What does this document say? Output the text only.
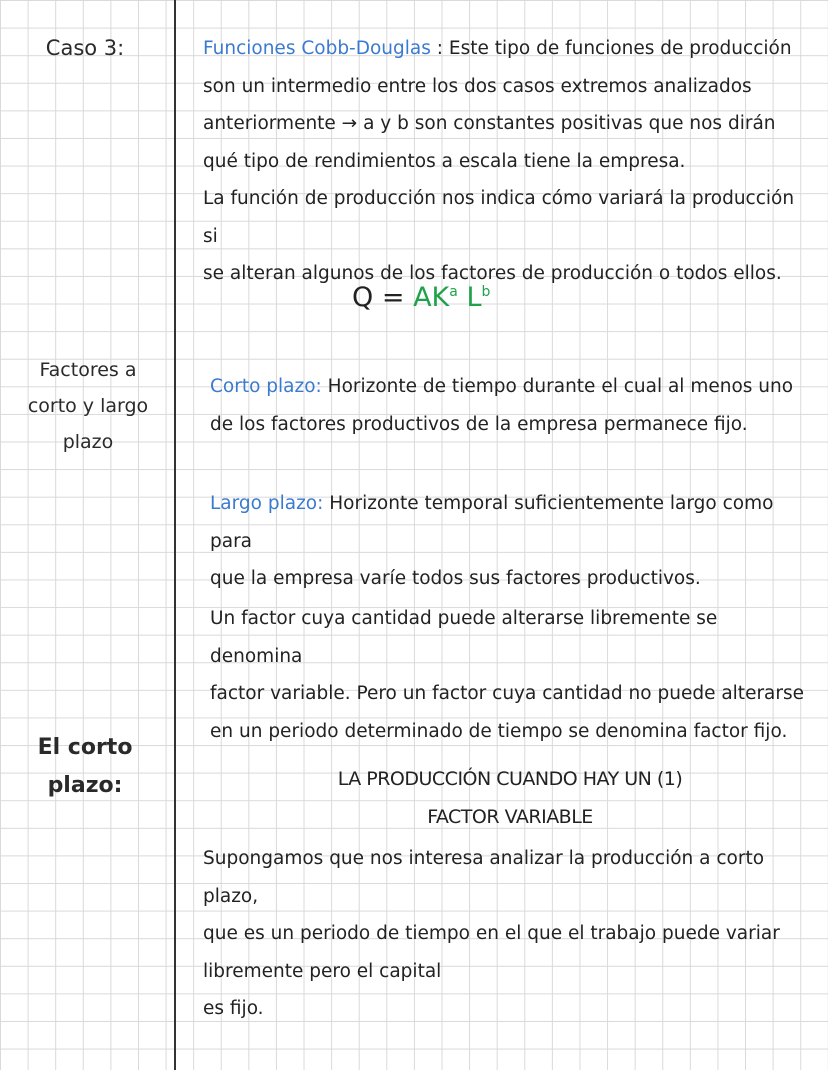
Caso 3:
Factores a
corto y largo
plazo
El corto
plazo:
Funciones Cobb-Douglas : Este tipo de funciones de producción
son un intermedio entre los dos casos extremos analizados
anteriormente → a y b son constantes positivas que nos dirán
qué tipo de rendimientos a escala tiene la empresa.
La función de producción nos indica cómo variará la producción si
se alteran algunos de los factores de producción o todos ellos.
$Q = AK^a$ $L^b$
Corto plazo: Horizonte de tiempo durante el cual al menos uno
de los factores productivos de la empresa permanece fijo.
Largo plazo: Horizonte temporal suficientemente largo como para
que la empresa varíe todos sus factores productivos.
Un factor cuya cantidad puede alterarse libremente se denomina
factor variable. Pero un factor cuya cantidad no puede alterarse
en un periodo determinado de tiempo se denomina factor fijo.
LA PRODUCCIÓN CUANDO HAY UN (1)
FACTOR VARIABLE
Supongamos que nos interesa analizar la producción a corto plazo,
que es un periodo de tiempo en el que el trabajo puede variar
libremente pero el capital
es fijo.
